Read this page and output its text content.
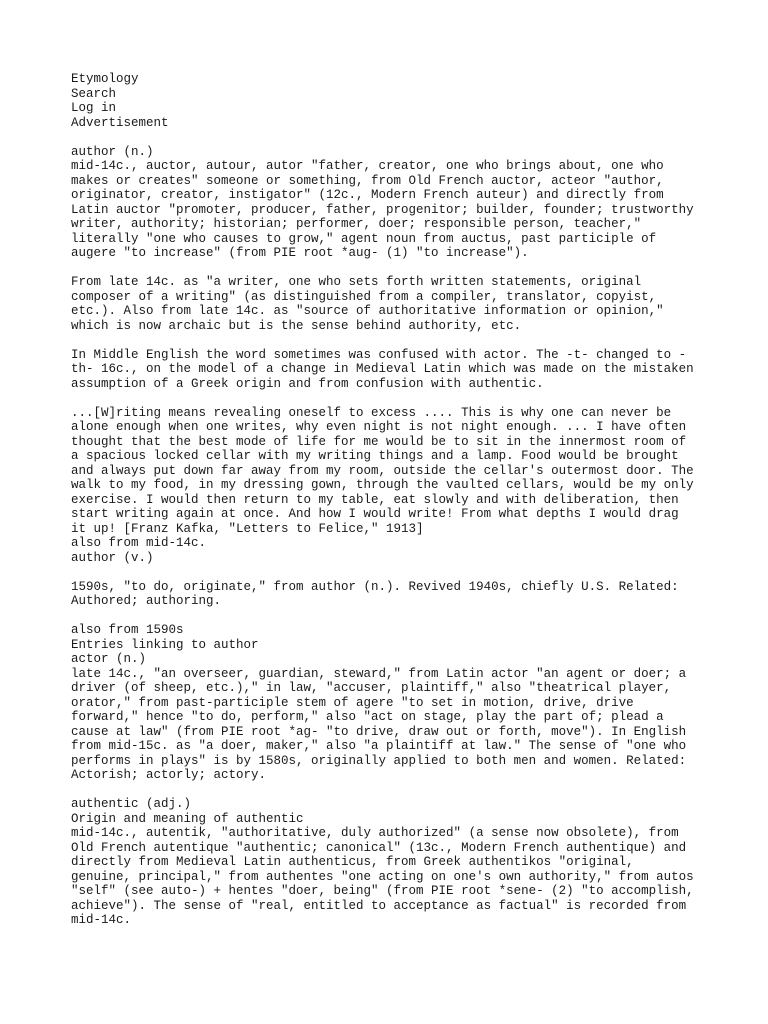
Etymology
Search
Log in
Advertisement
author (n.)
mid-14c., auctor, autour, autor "father, creator, one who brings about, one who
makes or creates" someone or something, from Old French auctor, acteor "author,
originator, creator, instigator" (12c., Modern French auteur) and directly from
Latin auctor "promoter, producer, father, progenitor; builder, founder; trustworthy
writer, authority; historian; performer, doer; responsible person, teacher,"
literally "one who causes to grow," agent noun from auctus, past participle of
augere "to increase" (from PIE root *aug- (1) "to increase").
From late 14c. as "a writer, one who sets forth written statements, original
composer of a writing" (as distinguished from a compiler, translator, copyist,
etc.). Also from late 14c. as "source of authoritative information or opinion,"
which is now archaic but is the sense behind authority, etc.
In Middle English the word sometimes was confused with actor. The -t- changed to -
th- 16c., on the model of a change in Medieval Latin which was made on the mistaken
assumption of a Greek origin and from confusion with authentic.
...[W]riting means revealing oneself to excess .... This is why one can never be
alone enough when one writes, why even night is not night enough. ... I have often
thought that the best mode of life for me would be to sit in the innermost room of
a spacious locked cellar with my writing things and a lamp. Food would be brought
and always put down far away from my room, outside the cellar's outermost door. The
walk to my food, in my dressing gown, through the vaulted cellars, would be my only
exercise. I would then return to my table, eat slowly and with deliberation, then
start writing again at once. And how I would write! From what depths I would drag
it up! [Franz Kafka, "Letters to Felice," 1913]
also from mid-14c.
author (v.)
1590s, "to do, originate," from author (n.). Revived 1940s, chiefly U.S. Related:
Authored; authoring.
also from 1590s
Entries linking to author
actor (n.)
late 14c., "an overseer, guardian, steward," from Latin actor "an agent or doer; a
driver (of sheep, etc.)," in law, "accuser, plaintiff," also "theatrical player,
orator," from past-participle stem of agere "to set in motion, drive, drive
forward," hence "to do, perform," also "act on stage, play the part of; plead a
cause at law" (from PIE root *ag- "to drive, draw out or forth, move"). In English
from mid-15c. as "a doer, maker," also "a plaintiff at law." The sense of "one who
performs in plays" is by 1580s, originally applied to both men and women. Related:
Actorish; actorly; actory.
authentic (adj.)
Origin and meaning of authentic
mid-14c., autentik, "authoritative, duly authorized" (a sense now obsolete), from
Old French autentique "authentic; canonical" (13c., Modern French authentique) and
directly from Medieval Latin authenticus, from Greek authentikos "original,
genuine, principal," from authentes "one acting on one's own authority," from autos
"self" (see auto-) + hentes "doer, being" (from PIE root *sene- (2) "to accomplish,
achieve"). The sense of "real, entitled to acceptance as factual" is recorded from
mid-14c.
